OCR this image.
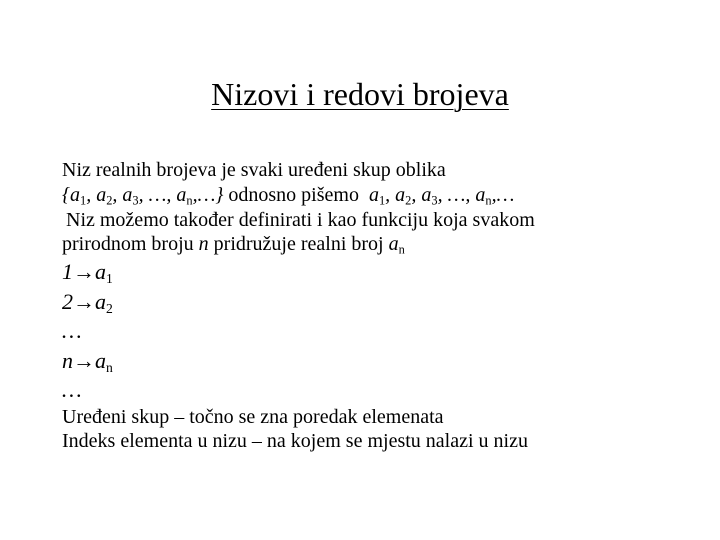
Nizovi i redovi brojeva
Niz realnih brojeva je svaki uređeni skup oblika
{$a_1$, $a_2$, $a_3$, …, $a_n,\dots$} odnosno pišemo  $a_1$, $a_2$, $a_3$, …, $a_n,\dots$
Niz možemo također definirati i kao funkciju koja svakom
prirodnom broju n pridružuje realni broj $a_n$
$1\to a_1$
$2\to a_2$
…
$n\to a_n$
…
Uređeni skup – točno se zna poredak elemenata
Indeks elementa u nizu – na kojem se mjestu nalazi u nizu
